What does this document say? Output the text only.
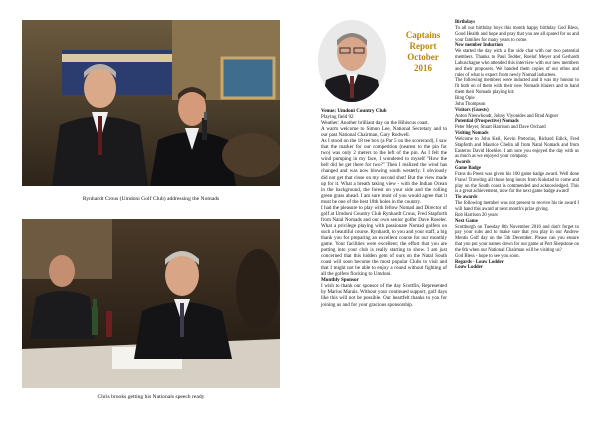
Rynhardt Crous (Umdoni Golf Club) addressing the Nomads
Chris brooks getting his Nationals speech ready
Captains
Report
October
2016

Venue: Umdoni Country Club

Playing field 92

Weather: Another brilliant day on the Hibiscus coast.

A warm welcome to Simon Lee, National Secretary and to our past National Chairman, Gary Rodwell.

As I stood on the 18 tee box (a Par 5 on the scorecard), I saw that the marker for our competition (nearest to the pin for two) was only 2 meters to the left of the pin. As I felt the wind pumping in my face, I wondered to myself "How the hell did he get there for two?" Then I realized the wind has changed and was now blowing south westerly. I obviously did not get that close on my second shot! But the view made up for it. What a breath taking view - with the Indian Ocean in the background, the forest on your side and the rolling green grass ahead. I am sure most of you would agree that it must be one of the best 18th holes in the country.

I had the pleasure to play with fellow Nomad and Director of golf at Umdoni Country Club Rynhardt Crous, Fred Stapforth from Natal Nomads and our own senior golfer Dave Roseler. What a privilege playing with passionate Nomad golfers on such a beautiful course. Rynhardt, to you and your staff, a big thank you for preparing an excellent course for our monthly game. Your facilities were excellent; the effort that you are putting into your club is really starting to show. I am just concerned that this hidden gem of ours on the Natal South coast will soon become the most popular Clubs to visit and that I might not be able to enjoy a round without fighting of all the golfers flocking to Umdoni.

Monthly Sponsor

I wish to thank our sponsor of the day Scottfin, Represented by Marius Marais. Without your continued support, golf days like this will not be possible. Our heartfelt thanks to you for joining us and for your gracious sponsorship.

Birthdays

To all our birthday boys this month happy birthday God Bless, Good Health and hope and pray that you are all spared for us and your families for many years to come.

New member Induction

We started the day with a fire side chat with our two potential members. Thanks to Paul Tedder, Roelof Meyer and Gerhardt Labuschagne who attended this interview with our new members and their proposers. We handed them copies of our ethos and rules of what is expect from newly Nomad inductees.

The following members were inducted and it was my honour to fit both on of them with their new Nomads blazers and to hand them their Nomads playing kit:

Bing Opie

John Thompson

Visitors (Guests)

Anton Nieuwhoudt, Johny Viyonides and Brad Aigner

Potential (Prospective) Nomads

Peter Meyer, Stuart Harrison and Dave Orchard

Visiting Nomads

Welcome to John Keil, Kevin Pretorius, Richard Edick, Fred Stapforth and Maurice Chelin all from Natal Nomads and from Easterns David Hoehler. I am sure you enjoyed the day with us as much as we enjoyed your company.

Awards

Game Badge

Frans du Preez was given his 100 game badge award. Well done Frans! Traveling all those long hours from Kokstad to come and play on the South coast is commended and acknowledged. This is a great achievement, now for the next game badge award!

Tie awards

The following member was not present to receive his tie award I will hand this award at next month's prize giving.

Rob Harrison 20 years

Next Game

Scottburgh on Tuesday 8th November 2016 and don't forget to pay your subs and to make sure that you play in our Andrew Mentis Golf day on the 5th December. Please can you ensure that you put your names down for our game at Port Shepstone on the 6th when our National Chairman will be visiting us?

God Bless - hope to see you soon.

Regards - Louw Lodder

Louw Lodder
